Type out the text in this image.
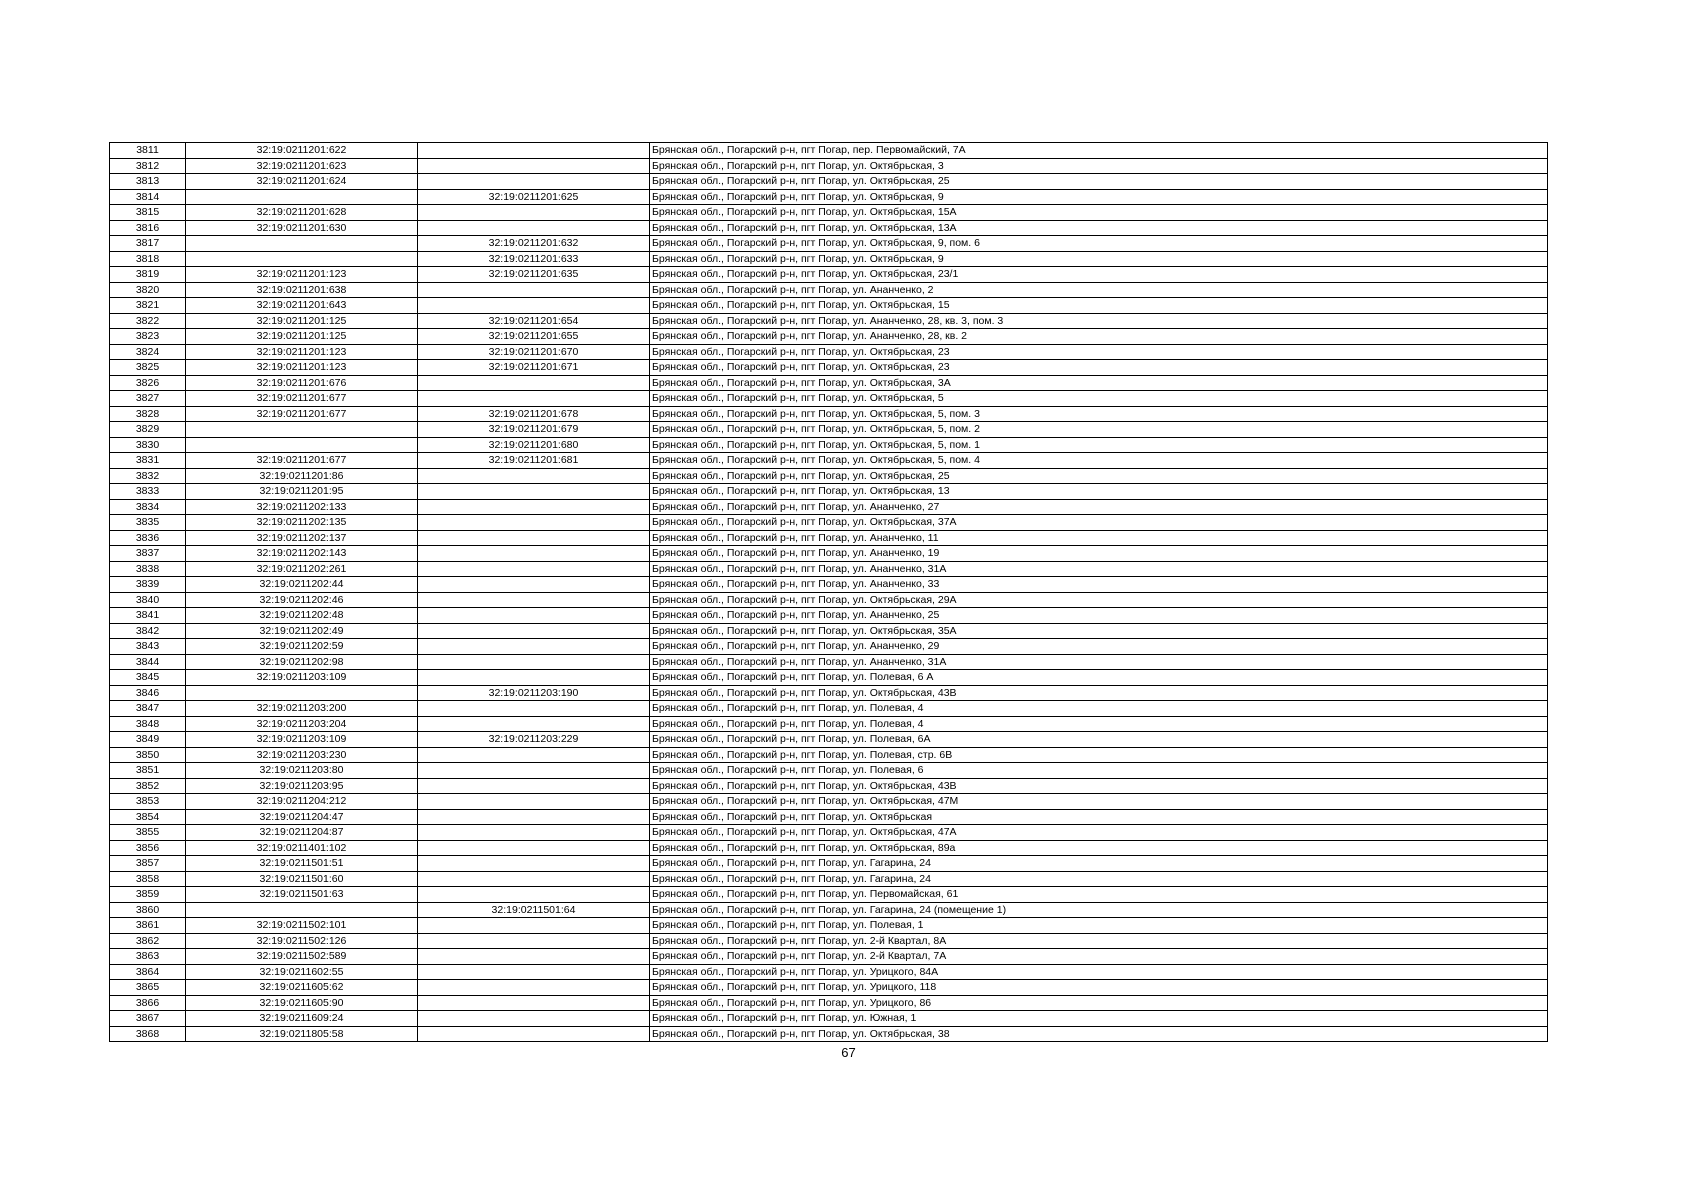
3811	32:19:0211201:622		Брянская обл., Погарский р-н, пгт Погар, пер. Первомайский, 7А
3812	32:19:0211201:623		Брянская обл., Погарский р-н, пгт Погар, ул. Октябрьская, 3
3813	32:19:0211201:624		Брянская обл., Погарский р-н, пгт Погар, ул. Октябрьская, 25
3814		32:19:0211201:625	Брянская обл., Погарский р-н, пгт Погар, ул. Октябрьская, 9
3815	32:19:0211201:628		Брянская обл., Погарский р-н, пгт Погар, ул. Октябрьская, 15А
3816	32:19:0211201:630		Брянская обл., Погарский р-н, пгт Погар, ул. Октябрьская, 13А
3817		32:19:0211201:632	Брянская обл., Погарский р-н, пгт Погар, ул. Октябрьская, 9, пом. 6
3818		32:19:0211201:633	Брянская обл., Погарский р-н, пгт Погар, ул. Октябрьская, 9
3819	32:19:0211201:123	32:19:0211201:635	Брянская обл., Погарский р-н, пгт Погар, ул. Октябрьская, 23/1
3820	32:19:0211201:638		Брянская обл., Погарский р-н, пгт Погар, ул. Ананченко, 2
3821	32:19:0211201:643		Брянская обл., Погарский р-н, пгт Погар, ул. Октябрьская, 15
3822	32:19:0211201:125	32:19:0211201:654	Брянская обл., Погарский р-н, пгт Погар, ул. Ананченко, 28, кв. 3, пом. 3
3823	32:19:0211201:125	32:19:0211201:655	Брянская обл., Погарский р-н, пгт Погар, ул. Ананченко, 28, кв. 2
3824	32:19:0211201:123	32:19:0211201:670	Брянская обл., Погарский р-н, пгт Погар, ул. Октябрьская, 23
3825	32:19:0211201:123	32:19:0211201:671	Брянская обл., Погарский р-н, пгт Погар, ул. Октябрьская, 23
3826	32:19:0211201:676		Брянская обл., Погарский р-н, пгт Погар, ул. Октябрьская, 3А
3827	32:19:0211201:677		Брянская обл., Погарский р-н, пгт Погар, ул. Октябрьская, 5
3828	32:19:0211201:677	32:19:0211201:678	Брянская обл., Погарский р-н, пгт Погар, ул. Октябрьская, 5, пом. 3
3829		32:19:0211201:679	Брянская обл., Погарский р-н, пгт Погар, ул. Октябрьская, 5, пом. 2
3830		32:19:0211201:680	Брянская обл., Погарский р-н, пгт Погар, ул. Октябрьская, 5, пом. 1
3831	32:19:0211201:677	32:19:0211201:681	Брянская обл., Погарский р-н, пгт Погар, ул. Октябрьская, 5, пом. 4
3832	32:19:0211201:86		Брянская обл., Погарский р-н, пгт Погар, ул. Октябрьская, 25
3833	32:19:0211201:95		Брянская обл., Погарский р-н, пгт Погар, ул. Октябрьская, 13
3834	32:19:0211202:133		Брянская обл., Погарский р-н, пгт Погар, ул. Ананченко, 27
3835	32:19:0211202:135		Брянская обл., Погарский р-н, пгт Погар, ул. Октябрьская, 37А
3836	32:19:0211202:137		Брянская обл., Погарский р-н, пгт Погар, ул. Ананченко, 11
3837	32:19:0211202:143		Брянская обл., Погарский р-н, пгт Погар, ул. Ананченко, 19
3838	32:19:0211202:261		Брянская обл., Погарский р-н, пгт Погар, ул. Ананченко, 31А
3839	32:19:0211202:44		Брянская обл., Погарский р-н, пгт Погар, ул. Ананченко, 33
3840	32:19:0211202:46		Брянская обл., Погарский р-н, пгт Погар, ул. Октябрьская, 29А
3841	32:19:0211202:48		Брянская обл., Погарский р-н, пгт Погар, ул. Ананченко, 25
3842	32:19:0211202:49		Брянская обл., Погарский р-н, пгт Погар, ул. Октябрьская, 35А
3843	32:19:0211202:59		Брянская обл., Погарский р-н, пгт Погар, ул. Ананченко, 29
3844	32:19:0211202:98		Брянская обл., Погарский р-н, пгт Погар, ул. Ананченко, 31А
3845	32:19:0211203:109		Брянская обл., Погарский р-н, пгт Погар, ул. Полевая, 6 А
3846		32:19:0211203:190	Брянская обл., Погарский р-н, пгт Погар, ул. Октябрьская, 43В
3847	32:19:0211203:200		Брянская обл., Погарский р-н, пгт Погар, ул. Полевая, 4
3848	32:19:0211203:204		Брянская обл., Погарский р-н, пгт Погар, ул. Полевая, 4
3849	32:19:0211203:109	32:19:0211203:229	Брянская обл., Погарский р-н, пгт Погар, ул. Полевая, 6А
3850	32:19:0211203:230		Брянская обл., Погарский р-н, пгт Погар, ул. Полевая, стр. 6В
3851	32:19:0211203:80		Брянская обл., Погарский р-н, пгт Погар, ул. Полевая, 6
3852	32:19:0211203:95		Брянская обл., Погарский р-н, пгт Погар, ул. Октябрьская, 43В
3853	32:19:0211204:212		Брянская обл., Погарский р-н, пгт Погар, ул. Октябрьская, 47М
3854	32:19:0211204:47		Брянская обл., Погарский р-н, пгт Погар, ул. Октябрьская
3855	32:19:0211204:87		Брянская обл., Погарский р-н, пгт Погар, ул. Октябрьская, 47А
3856	32:19:0211401:102		Брянская обл., Погарский р-н, пгт Погар, ул. Октябрьская, 89а
3857	32:19:0211501:51		Брянская обл., Погарский р-н, пгт Погар, ул. Гагарина, 24
3858	32:19:0211501:60		Брянская обл., Погарский р-н, пгт Погар, ул. Гагарина, 24
3859	32:19:0211501:63		Брянская обл., Погарский р-н, пгт Погар, ул. Первомайская, 61
3860		32:19:0211501:64	Брянская обл., Погарский р-н, пгт Погар, ул. Гагарина, 24 (помещение 1)
3861	32:19:0211502:101		Брянская обл., Погарский р-н, пгт Погар, ул. Полевая, 1
3862	32:19:0211502:126		Брянская обл., Погарский р-н, пгт Погар, ул. 2-й Квартал, 8А
3863	32:19:0211502:589		Брянская обл., Погарский р-н, пгт Погар, ул. 2-й Квартал, 7А
3864	32:19:0211602:55		Брянская обл., Погарский р-н, пгт Погар, ул. Урицкого, 84А
3865	32:19:0211605:62		Брянская обл., Погарский р-н, пгт Погар, ул. Урицкого, 118
3866	32:19:0211605:90		Брянская обл., Погарский р-н, пгт Погар, ул. Урицкого, 86
3867	32:19:0211609:24		Брянская обл., Погарский р-н, пгт Погар, ул. Южная, 1
3868	32:19:0211805:58		Брянская обл., Погарский р-н, пгт Погар, ул. Октябрьская, 38
67
